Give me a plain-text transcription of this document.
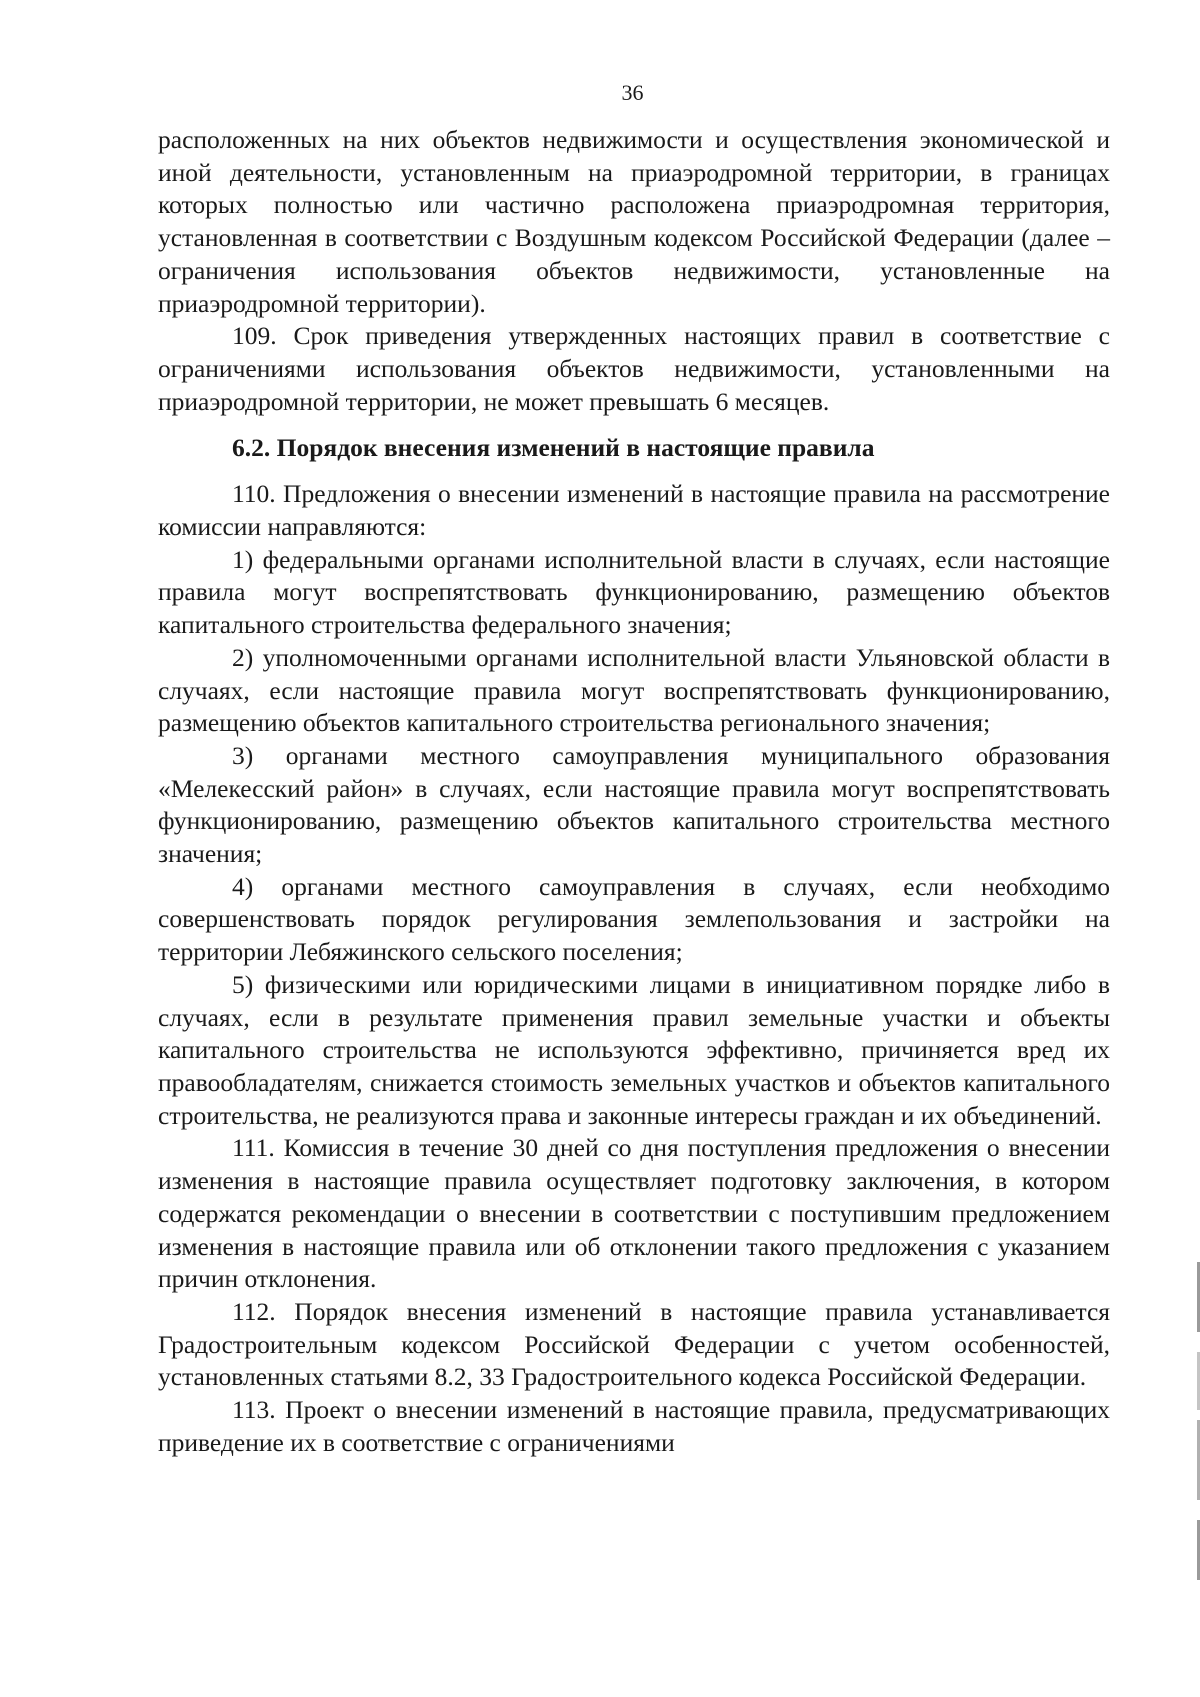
36

расположенных на них объектов недвижимости и осуществления экономической и иной деятельности, установленным на приаэродромной территории, в границах которых полностью или частично расположена приаэродромная территория, установленная в соответствии с Воздушным кодексом Российской Федерации (далее – ограничения использования объектов недвижимости, установленные на приаэродромной территории).

109. Срок приведения утвержденных настоящих правил в соответствие с ограничениями использования объектов недвижимости, установленными на приаэродромной территории, не может превышать 6 месяцев.

6.2. Порядок внесения изменений в настоящие правила

110. Предложения о внесении изменений в настоящие правила на рассмотрение комиссии направляются:

1) федеральными органами исполнительной власти в случаях, если настоящие правила могут воспрепятствовать функционированию, размещению объектов капитального строительства федерального значения;

2) уполномоченными органами исполнительной власти Ульяновской области в случаях, если настоящие правила могут воспрепятствовать функционированию, размещению объектов капитального строительства регионального значения;

3) органами местного самоуправления муниципального образования «Мелекесский район» в случаях, если настоящие правила могут воспрепятствовать функционированию, размещению объектов капитального строительства местного значения;

4) органами местного самоуправления в случаях, если необходимо совершенствовать порядок регулирования землепользования и застройки на территории Лебяжинского сельского поселения;

5) физическими или юридическими лицами в инициативном порядке либо в случаях, если в результате применения правил земельные участки и объекты капитального строительства не используются эффективно, причиняется вред их правообладателям, снижается стоимость земельных участков и объектов капитального строительства, не реализуются права и законные интересы граждан и их объединений.

111. Комиссия в течение 30 дней со дня поступления предложения о внесении изменения в настоящие правила осуществляет подготовку заключения, в котором содержатся рекомендации о внесении в соответствии с поступившим предложением изменения в настоящие правила или об отклонении такого предложения с указанием причин отклонения.

112. Порядок внесения изменений в настоящие правила устанавливается Градостроительным кодексом Российской Федерации с учетом особенностей, установленных статьями 8.2, 33 Градостроительного кодекса Российской Федерации.

113. Проект о внесении изменений в настоящие правила, предусматривающих приведение их в соответствие с ограничениями
